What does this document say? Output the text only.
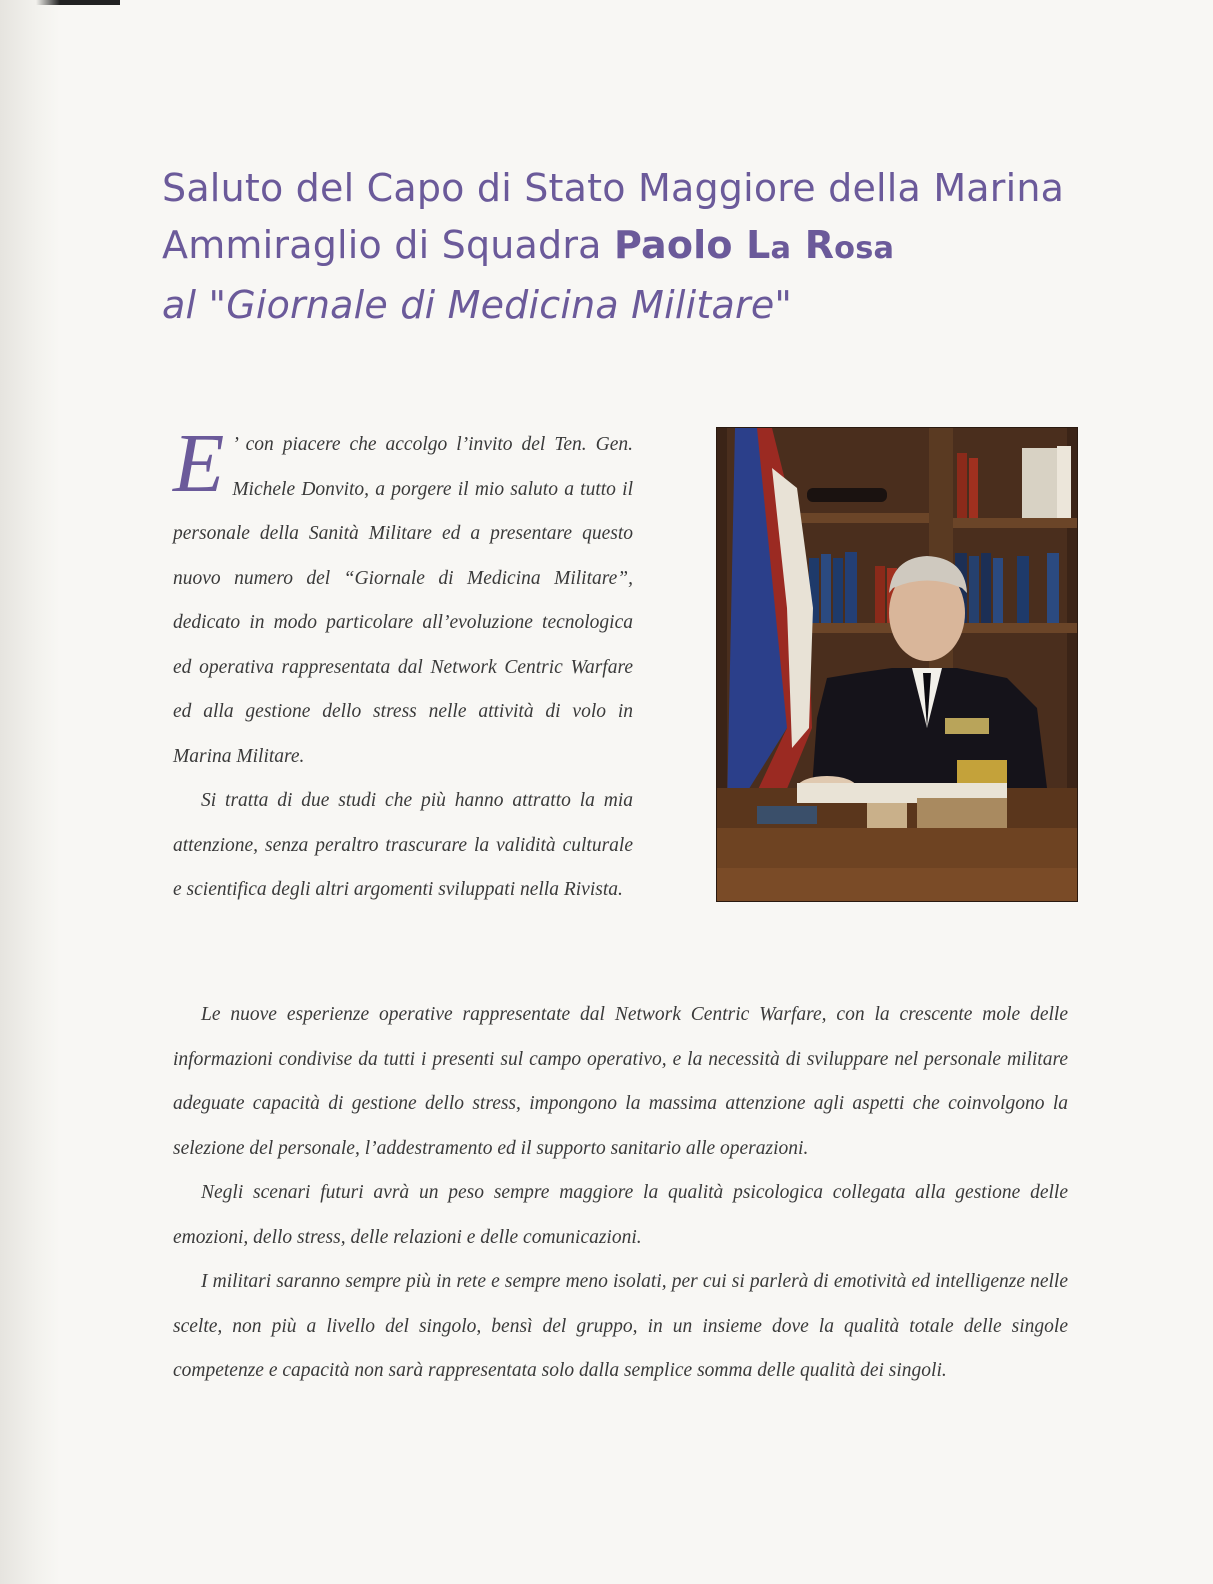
Saluto del Capo di Stato Maggiore della Marina
Ammiraglio di Squadra Paolo La Rosa
al "Giornale di Medicina Militare"
E ’ con piacere che accolgo l’invito del Ten. Gen. Michele Donvito, a porgere il mio saluto a tutto il personale della Sanità Militare ed a presentare questo nuovo numero del “Giornale di Medicina Militare”, dedicato in modo particolare all’evoluzione tecnologica ed operativa rappresentata dal Network Centric Warfare ed alla gestione dello stress nelle attività di volo in Marina Militare.

Si tratta di due studi che più hanno attratto la mia attenzione, senza peraltro trascurare la validità culturale e scientifica degli altri argomenti sviluppati nella Rivista.

Le nuove esperienze operative rappresentate dal Network Centric Warfare, con la crescente mole delle informazioni condivise da tutti i presenti sul campo operativo, e la necessità di sviluppare nel personale militare adeguate capacità di gestione dello stress, impongono la massima attenzione agli aspetti che coinvolgono la selezione del personale, l’addestramento ed il supporto sanitario alle operazioni.

Negli scenari futuri avrà un peso sempre maggiore la qualità psicologica collegata alla gestione delle emozioni, dello stress, delle relazioni e delle comunicazioni.

I militari saranno sempre più in rete e sempre meno isolati, per cui si parlerà di emotività ed intelligenze nelle scelte, non più a livello del singolo, bensì del gruppo, in un insieme dove la qualità totale delle singole competenze e capacità non sarà rappresentata solo dalla semplice somma delle qualità dei singoli.
